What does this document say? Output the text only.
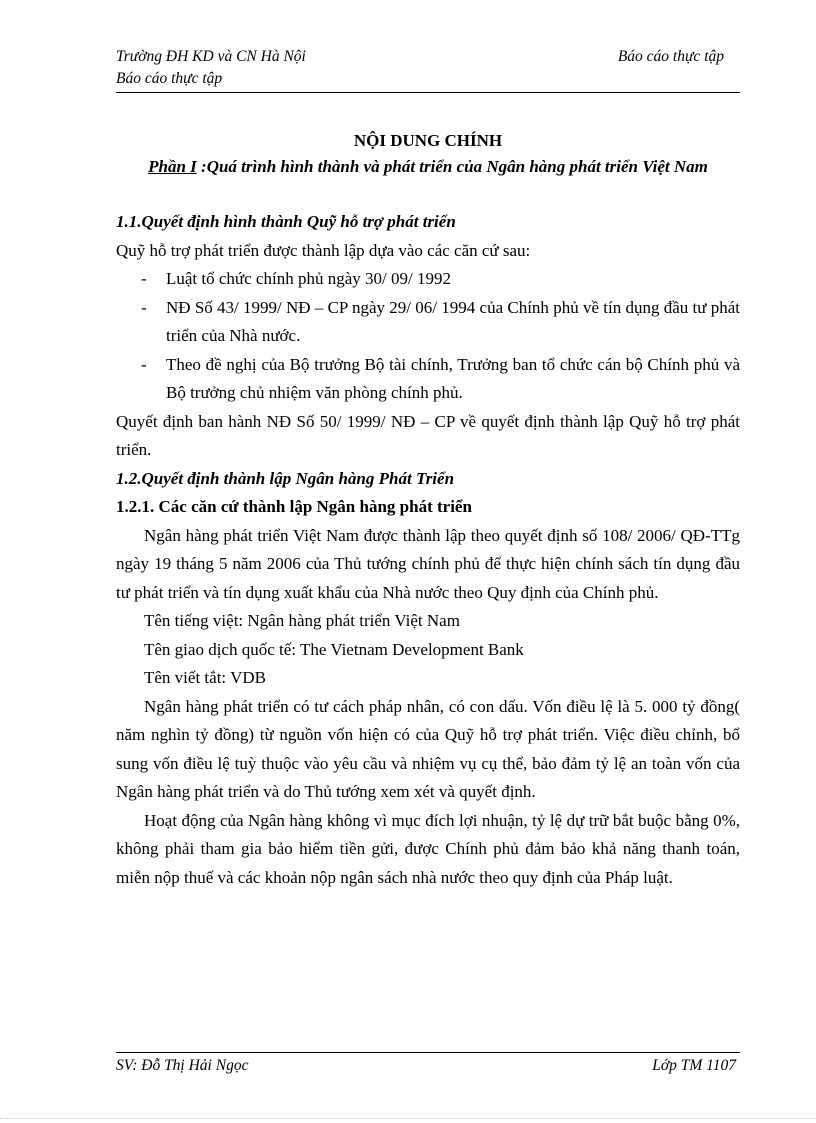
Trường ĐH KD và CN Hà Nội	Báo cáo thực tập
Báo cáo thực tập
NỘI DUNG CHÍNH

Phần I :Quá trình hình thành và phát triển của Ngân hàng phát triển Việt Nam

1.1.Quyết định hình thành Quỹ hỗ trợ phát triển

Quỹ hỗ trợ phát triển được thành lập dựa vào các căn cứ sau:

- Luật tổ chức chính phủ ngày 30/ 09/ 1992
- NĐ Số 43/ 1999/ NĐ – CP ngày 29/ 06/ 1994 của Chính phủ về tín dụng đầu tư phát triển của Nhà nước.
- Theo đề nghị của Bộ trưởng Bộ tài chính, Trưởng ban tổ chức cán bộ Chính phủ và Bộ trưởng chủ nhiệm văn phòng chính phủ.

Quyết định ban hành NĐ Số 50/ 1999/ NĐ – CP về quyết định thành lập Quỹ hỗ trợ phát triển.

1.2.Quyết định thành lập Ngân hàng Phát Triển

1.2.1. Các căn cứ thành lập Ngân hàng phát triển

Ngân hàng phát triển Việt Nam được thành lập theo quyết định số 108/ 2006/ QĐ-TTg ngày 19 tháng 5 năm 2006 của Thủ tướng chính phủ để thực hiện chính sách tín dụng đầu tư phát triển và tín dụng xuất khẩu của Nhà nước theo Quy định của Chính phủ.

Tên tiếng việt: Ngân hàng phát triển Việt Nam

Tên giao dịch quốc tế: The Vietnam Development Bank

Tên viết tắt: VDB

Ngân hàng phát triển có tư cách pháp nhân, có con dấu. Vốn điều lệ là 5. 000 tỷ đồng( năm nghìn tỷ đồng) từ nguồn vốn hiện có của Quỹ hỗ trợ phát triển. Việc điều chỉnh, bổ sung vốn điều lệ tuỳ thuộc vào yêu cầu và nhiệm vụ cụ thể, bảo đảm tỷ lệ an toàn vốn của Ngân hàng phát triển và do Thủ tướng xem xét và quyết định.

Hoạt động của Ngân hàng không vì mục đích lợi nhuận, tỷ lệ dự trữ bắt buộc bằng 0%, không phải tham gia bảo hiểm tiền gửi, được Chính phủ đảm bảo khả năng thanh toán, miễn nộp thuế và các khoản nộp ngân sách nhà nước theo quy định của Pháp luật.

SV: Đỗ Thị Hải Ngọc	Lớp TM 1107
